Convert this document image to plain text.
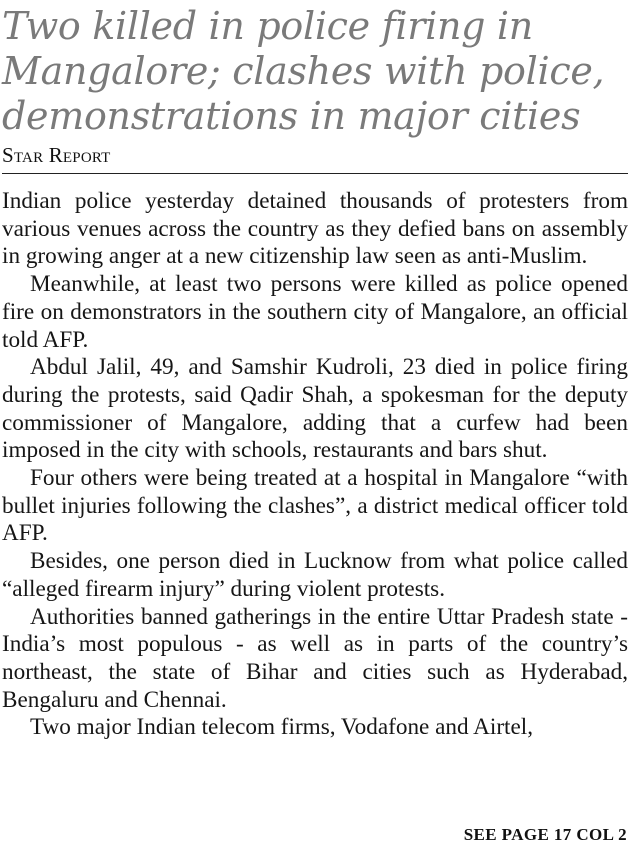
Two killed in police firing in Mangalore; clashes with police, demonstrations in major cities
Star Report

Indian police yesterday detained thousands of protesters from various venues across the country as they defied bans on assembly in growing anger at a new citizenship law seen as anti-Muslim.

Meanwhile, at least two persons were killed as police opened fire on demonstrators in the southern city of Mangalore, an official told AFP.

Abdul Jalil, 49, and Samshir Kudroli, 23 died in police firing during the protests, said Qadir Shah, a spokesman for the deputy commissioner of Mangalore, adding that a curfew had been imposed in the city with schools, restaurants and bars shut.

Four others were being treated at a hospital in Mangalore “with bullet injuries following the clashes”, a district medical officer told AFP.

Besides, one person died in Lucknow from what police called “alleged firearm injury” during violent protests.

Authorities banned gatherings in the entire Uttar Pradesh state - India’s most populous - as well as in parts of the country’s northeast, the state of Bihar and cities such as Hyderabad, Bengaluru and Chennai.

Two major Indian telecom firms, Vodafone and Airtel,

SEE PAGE 17 COL 2
